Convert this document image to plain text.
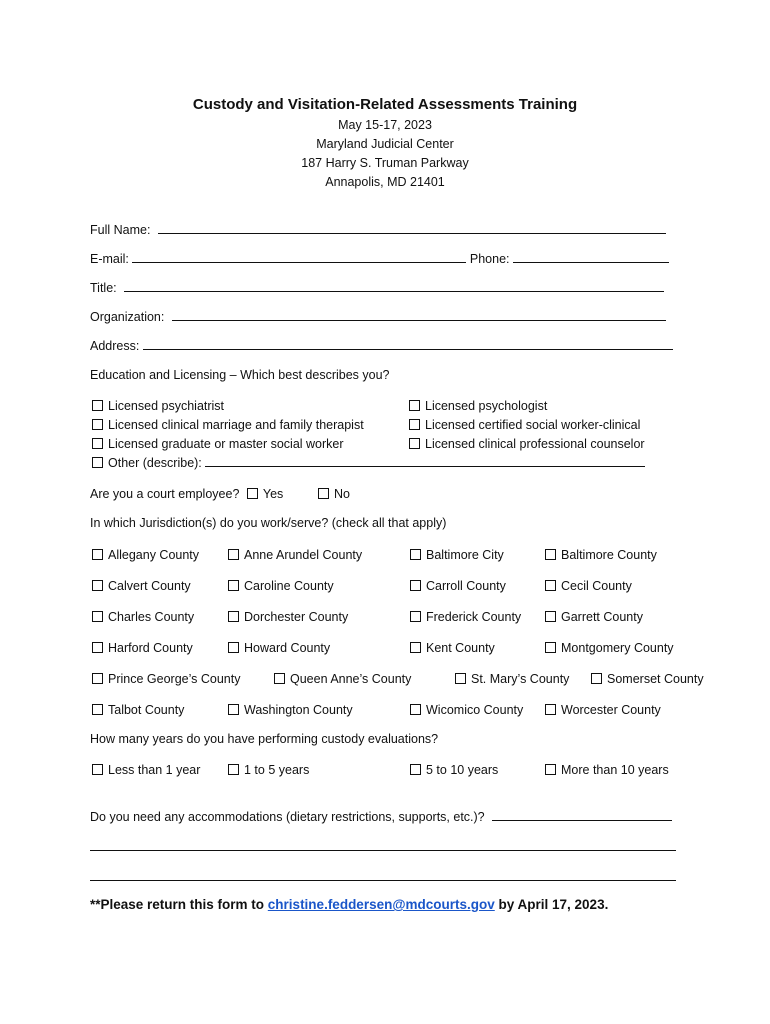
Custody and Visitation-Related Assessments Training
May 15-17, 2023
Maryland Judicial Center
187 Harry S. Truman Parkway
Annapolis, MD 21401
Full Name:
E-mail:	Phone:
Title:
Organization:
Address:
Education and Licensing – Which best describes you?
Licensed psychiatrist	Licensed psychologist
Licensed clinical marriage and family therapist	Licensed certified social worker-clinical
Licensed graduate or master social worker	Licensed clinical professional counselor
Other (describe):
Are you a court employee? Yes	No
In which Jurisdiction(s) do you work/serve? (check all that apply)
Allegany County	Anne Arundel County	Baltimore City	Baltimore County
Calvert County	Caroline County	Carroll County	Cecil County
Charles County	Dorchester County	Frederick County	Garrett County
Harford County	Howard County	Kent County	Montgomery County
Prince George’s County	Queen Anne’s County	St. Mary’s County	Somerset County
Talbot County	Washington County	Wicomico County	Worcester County
How many years do you have performing custody evaluations?
Less than 1 year	1 to 5 years	5 to 10 years	More than 10 years
Do you need any accommodations (dietary restrictions, supports, etc.)?
**Please return this form to christine.feddersen@mdcourts.gov by April 17, 2023.
